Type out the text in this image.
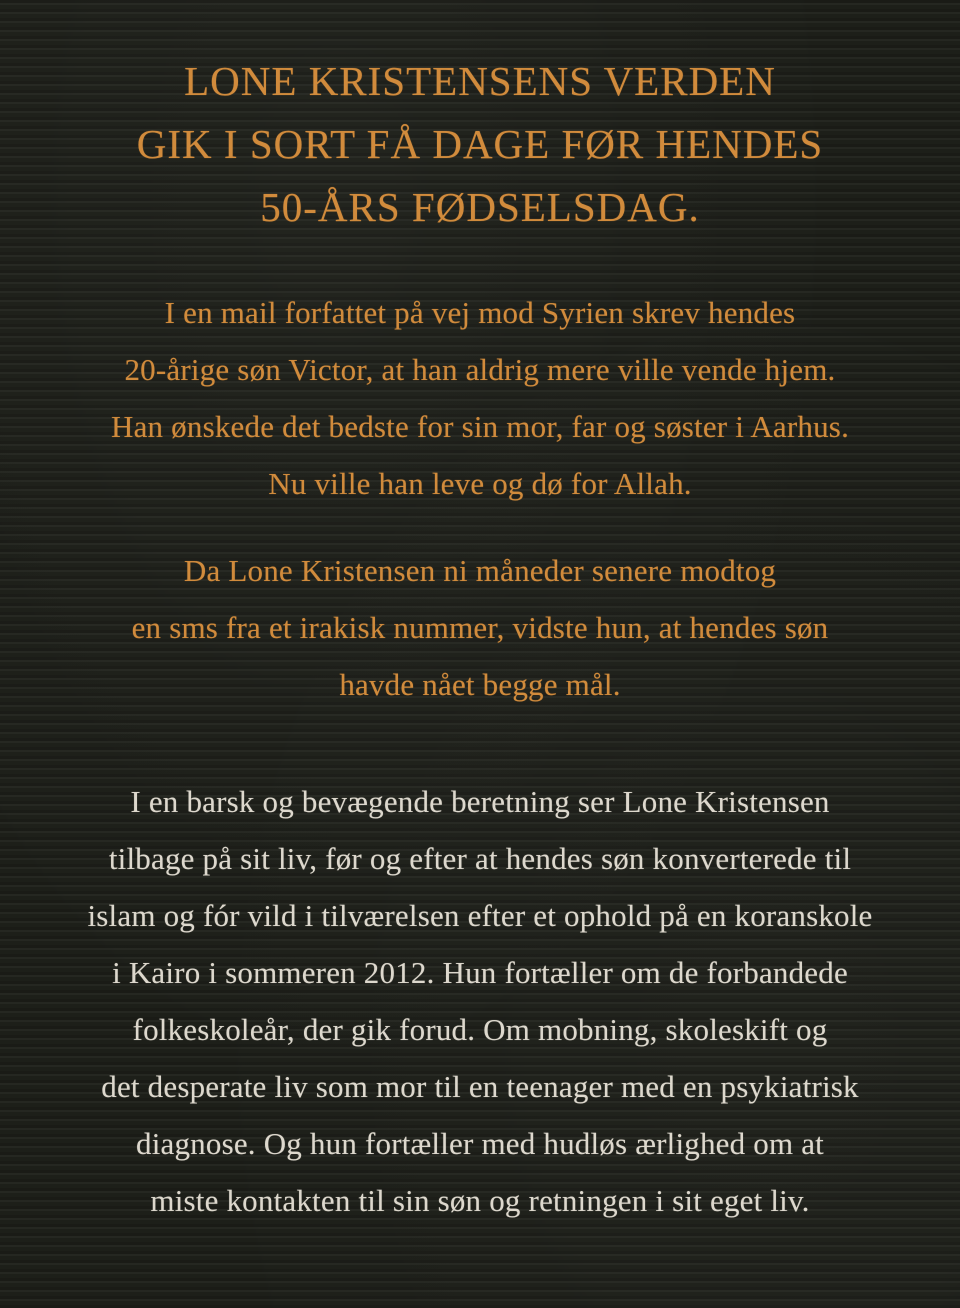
LONE KRISTENSENS VERDEN
GIK I SORT FÅ DAGE FØR HENDES
50-ÅRS FØDSELSDAG.

I en mail forfattet på vej mod Syrien skrev hendes
20-årige søn Victor, at han aldrig mere ville vende hjem.
Han ønskede det bedste for sin mor, far og søster i Aarhus.
Nu ville han leve og dø for Allah.

Da Lone Kristensen ni måneder senere modtog
en sms fra et irakisk nummer, vidste hun, at hendes søn
havde nået begge mål.

I en barsk og bevægende beretning ser Lone Kristensen
tilbage på sit liv, før og efter at hendes søn konverterede til
islam og fór vild i tilværelsen efter et ophold på en koranskole
i Kairo i sommeren 2012. Hun fortæller om de forbandede
folkeskoleår, der gik forud. Om mobning, skoleskift og
det desperate liv som mor til en teenager med en psykiatrisk
diagnose. Og hun fortæller med hudløs ærlighed om at
miste kontakten til sin søn og retningen i sit eget liv.
